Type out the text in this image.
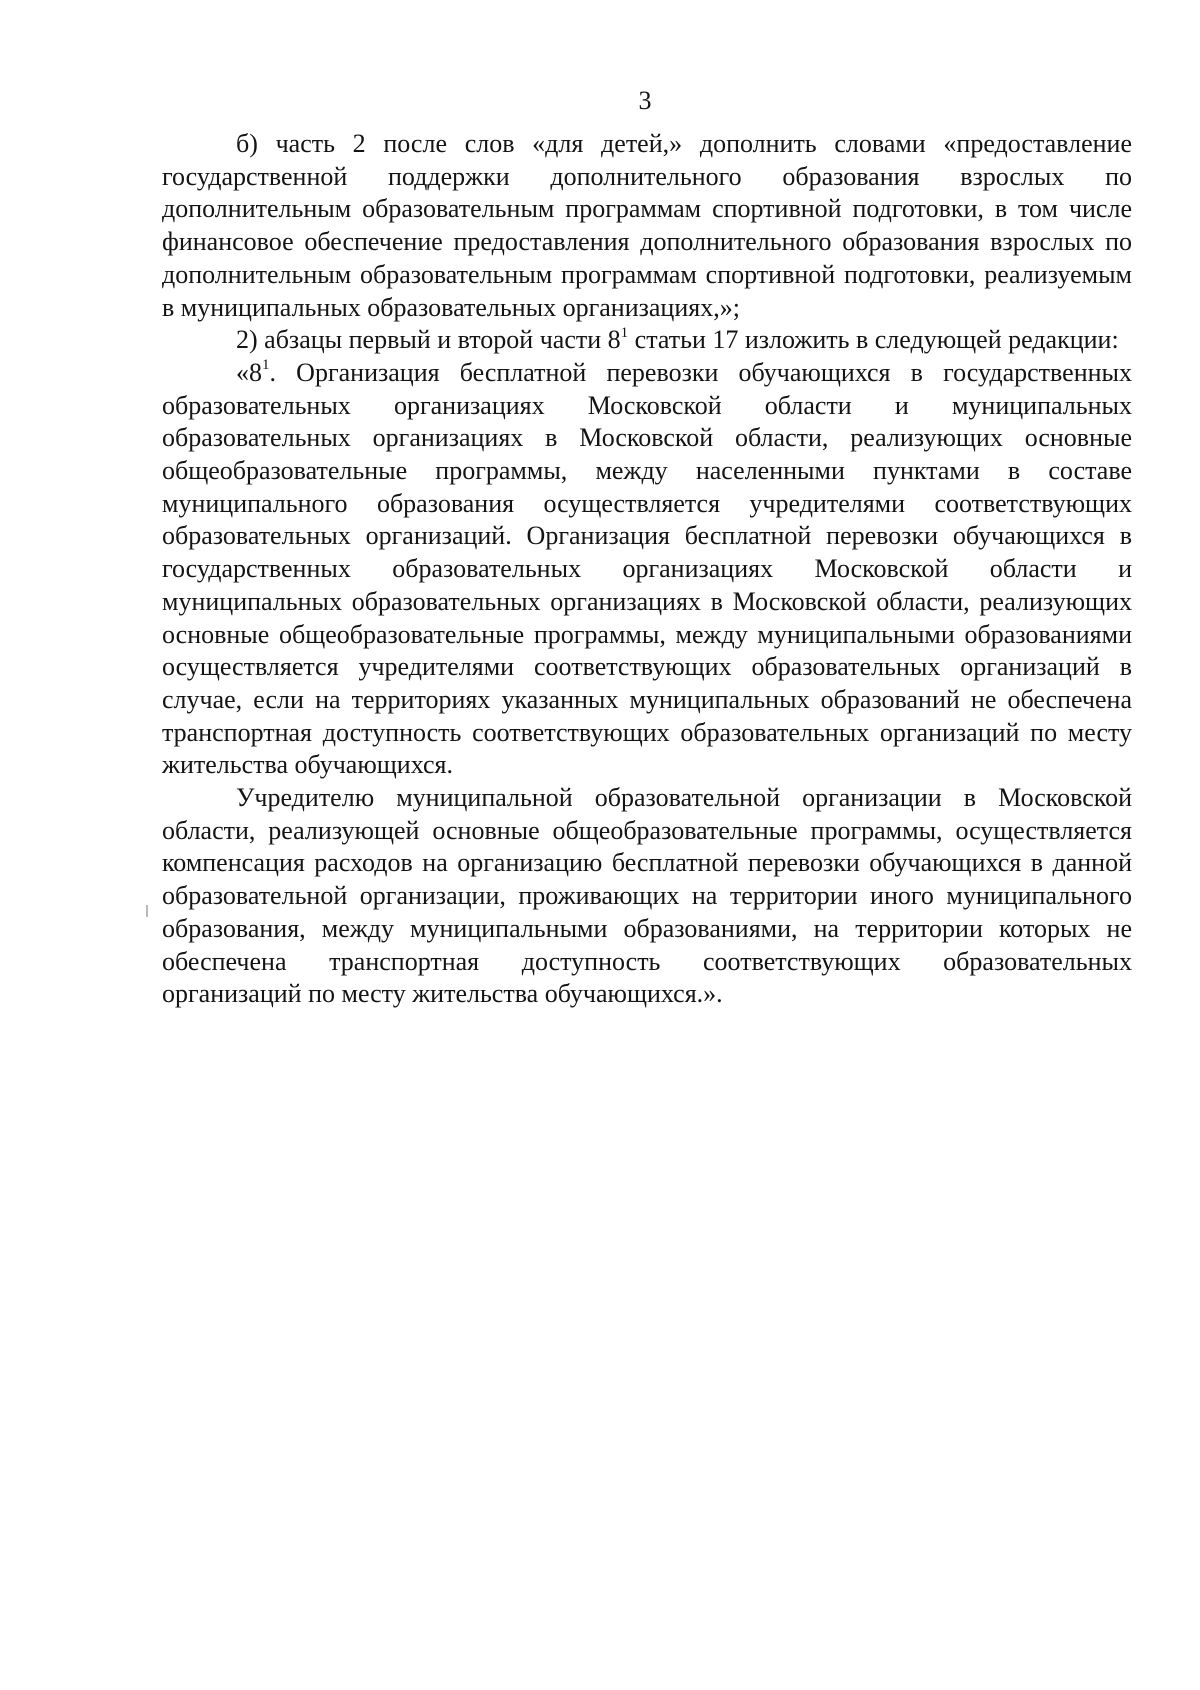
3

б) часть 2 после слов «для детей,» дополнить словами «предоставление государственной поддержки дополнительного образования взрослых по дополнительным образовательным программам спортивной подготовки, в том числе финансовое обеспечение предоставления дополнительного образования взрослых по дополнительным образовательным программам спортивной подготовки, реализуемым в муниципальных образовательных организациях,»;

2) абзацы первый и второй части $8^1$ статьи 17 изложить в следующей редакции:

«$8^1$. Организация бесплатной перевозки обучающихся в государственных образовательных организациях Московской области и муниципальных образовательных организациях в Московской области, реализующих основные общеобразовательные программы, между населенными пунктами в составе муниципального образования осуществляется учредителями соответствующих образовательных организаций. Организация бесплатной перевозки обучающихся в государственных образовательных организациях Московской области и муниципальных образовательных организациях в Московской области, реализующих основные общеобразовательные программы, между муниципальными образованиями осуществляется учредителями соответствующих образовательных организаций в случае, если на территориях указанных муниципальных образований не обеспечена транспортная доступность соответствующих образовательных организаций по месту жительства обучающихся.

Учредителю муниципальной образовательной организации в Московской области, реализующей основные общеобразовательные программы, осуществляется компенсация расходов на организацию бесплатной перевозки обучающихся в данной образовательной организации, проживающих на территории иного муниципального образования, между муниципальными образованиями, на территории которых не обеспечена транспортная доступность соответствующих образовательных организаций по месту жительства обучающихся.».
